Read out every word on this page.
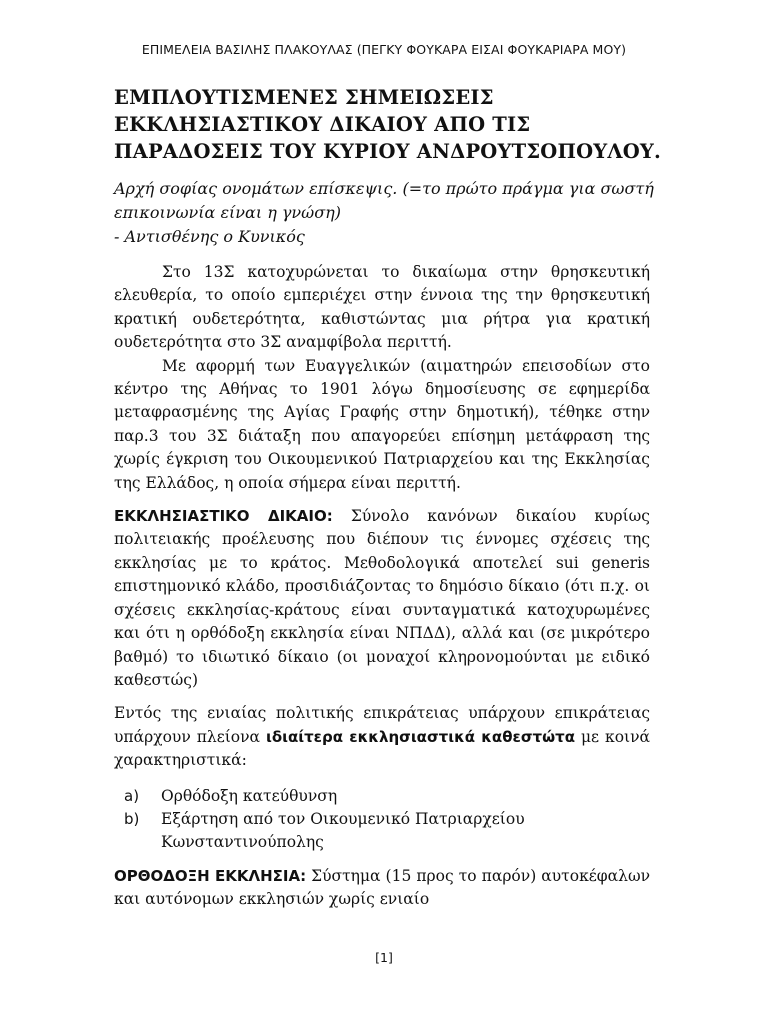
ΕΠΙΜΕΛΕΙΑ ΒΑΣΙΛΗΣ ΠΛΑΚΟΥΛΑΣ (ΠΕΓΚΥ ΦΟΥΚΑΡΑ ΕΙΣΑΙ ΦΟΥΚΑΡΙΑΡΑ ΜΟΥ)
ΕΜΠΛΟΥΤΙΣΜΕΝΕΣ ΣΗΜΕΙΩΣΕΙΣ
ΕΚΚΛΗΣΙΑΣΤΙΚΟΥ ΔΙΚΑΙΟΥ ΑΠΟ ΤΙΣ
ΠΑΡΑΔΟΣΕΙΣ ΤΟΥ ΚΥΡΙΟΥ ΑΝΔΡΟΥΤΣΟΠΟΥΛΟΥ.
Αρχή σοφίας ονομάτων επίσκεψις. (=το πρώτο πράγμα για σωστή
επικοινωνία είναι η γνώση)
- Αντισθένης ο Κυνικός

Στο 13Σ κατοχυρώνεται το δικαίωμα στην θρησκευτική ελευθερία, το οποίο εμπεριέχει στην έννοια της την θρησκευτική κρατική ουδετερότητα, καθιστώντας μια ρήτρα για κρατική ουδετερότητα στο 3Σ αναμφίβολα περιττή.

Με αφορμή των Ευαγγελικών (αιματηρών επεισοδίων στο κέντρο της Αθήνας το 1901 λόγω δημοσίευσης σε εφημερίδα μεταφρασμένης της Αγίας Γραφής στην δημοτική), τέθηκε στην παρ.3 του 3Σ διάταξη που απαγορεύει επίσημη μετάφραση της χωρίς έγκριση του Οικουμενικού Πατριαρχείου και της Εκκλησίας της Ελλάδος, η οποία σήμερα είναι περιττή.

ΕΚΚΛΗΣΙΑΣΤΙΚΟ ΔΙΚΑΙΟ: Σύνολο κανόνων δικαίου κυρίως πολιτειακής προέλευσης που διέπουν τις έννομες σχέσεις της εκκλησίας με το κράτος. Μεθοδολογικά αποτελεί sui generis επιστημονικό κλάδο, προσιδιάζοντας το δημόσιο δίκαιο (ότι π.χ. οι σχέσεις εκκλησίας-κράτους είναι συνταγματικά κατοχυρωμένες και ότι η ορθόδοξη εκκλησία είναι ΝΠΔΔ), αλλά και (σε μικρότερο βαθμό) το ιδιωτικό δίκαιο (οι μοναχοί κληρονομούνται με ειδικό καθεστώς)

Εντός της ενιαίας πολιτικής επικράτειας υπάρχουν επικράτειας υπάρχουν πλείονα ιδιαίτερα εκκλησιαστικά καθεστώτα με κοινά χαρακτηριστικά:

a) Ορθόδοξη κατεύθυνση
b) Εξάρτηση από τον Οικουμενικό Πατριαρχείου Κωνσταντινούπολης

ΟΡΘΟΔΟΞΗ ΕΚΚΛΗΣΙΑ: Σύστημα (15 προς το παρόν) αυτοκέφαλων και αυτόνομων εκκλησιών χωρίς ενιαίο

[1]
